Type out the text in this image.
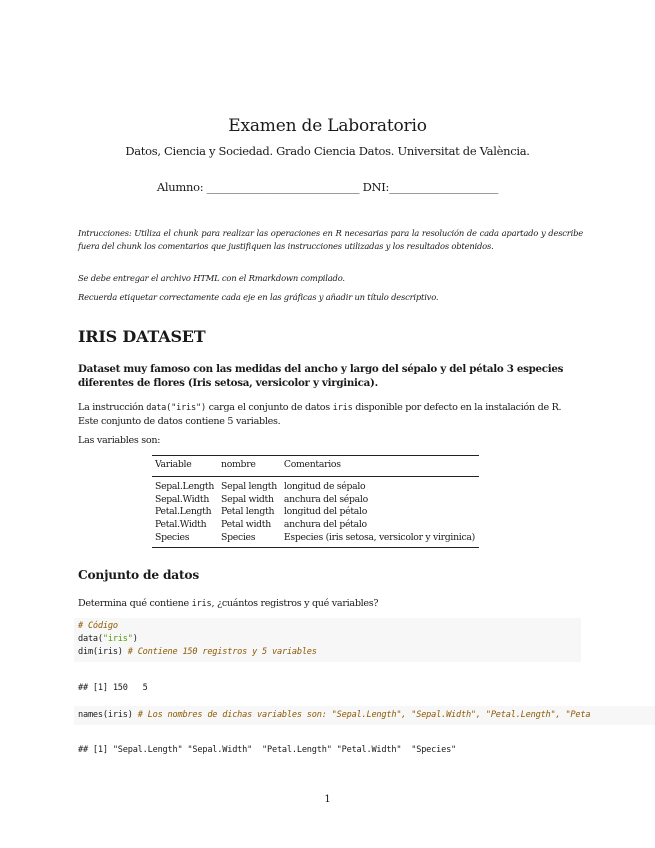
Examen de Laboratorio
Datos, Ciencia y Sociedad. Grado Ciencia Datos. Universitat de València.
Alumno: ____________________________ DNI:____________________
Intrucciones: Utiliza el chunk para realizar las operaciones en R necesarias para la resolución de cada apartado y describe fuera del chunk los comentarios que justifiquen las instrucciones utilizadas y los resultados obtenidos.
Se debe entregar el archivo HTML con el Rmarkdown compilado.
Recuerda etiquetar correctamente cada eje en las gráficas y añadir un título descriptivo.
IRIS DATASET
Dataset muy famoso con las medidas del ancho y largo del sépalo y del pétalo 3 especies diferentes de flores (Iris setosa, versicolor y virginica).
La instrucción data("iris") carga el conjunto de datos iris disponible por defecto en la instalación de R. Este conjunto de datos contiene 5 variables.
Las variables son:
Variable	nombre	Comentarios
Sepal.Length	Sepal length	longitud de sépalo
Sepal.Width	Sepal width	anchura del sépalo
Petal.Length	Petal length	longitud del pétalo
Petal.Width	Petal width	anchura del pétalo
Species	Species	Especies (iris setosa, versicolor y virginica)
Conjunto de datos
Determina qué contiene iris, ¿cuántos registros y qué variables?
# Código
data("iris")
dim(iris) # Contiene 150 registros y 5 variables
## [1] 150   5
names(iris) # Los nombres de dichas variables son: "Sepal.Length", "Sepal.Width", "Petal.Length", "Peta
## [1] "Sepal.Length" "Sepal.Width"  "Petal.Length" "Petal.Width"  "Species"
1
